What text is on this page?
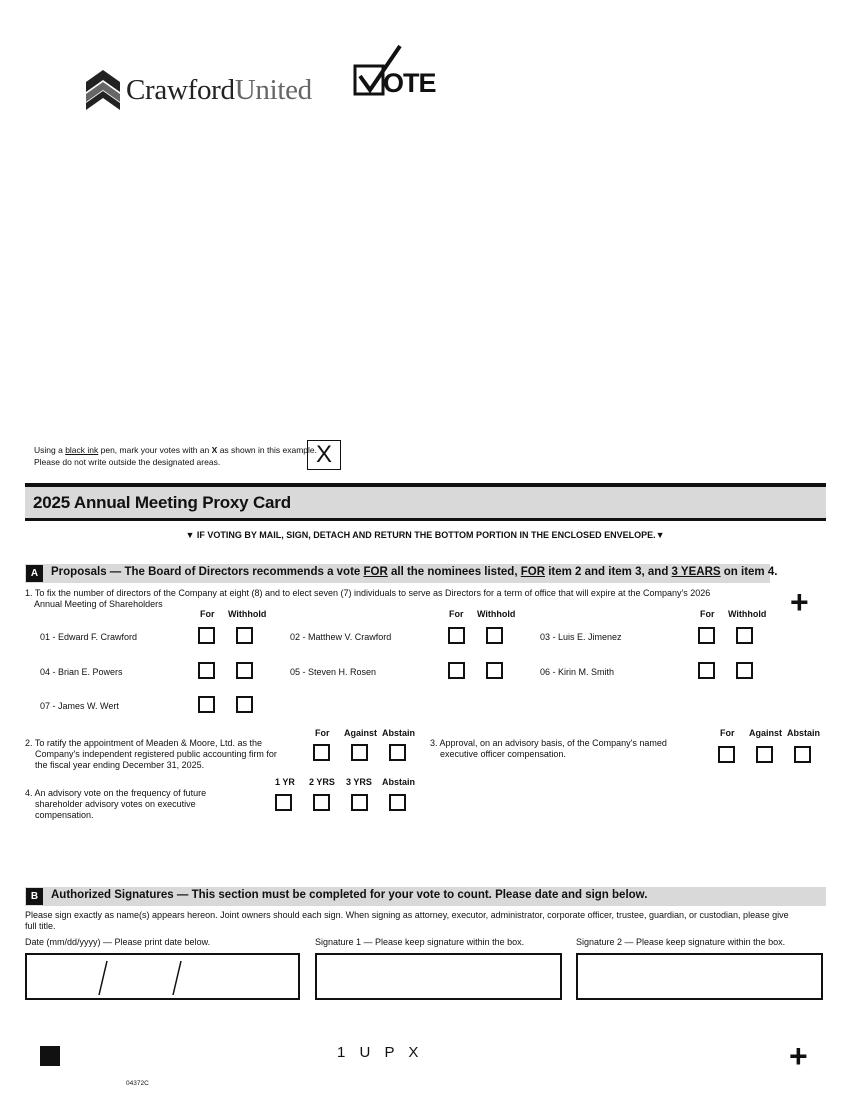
CrawfordUnited	OTE
Using a black ink pen, mark your votes with an X as shown in this example.
Please do not write outside the designated areas.	X
2025 Annual Meeting Proxy Card
▼ IF VOTING BY MAIL, SIGN, DETACH AND RETURN THE BOTTOM PORTION IN THE ENCLOSED ENVELOPE.▼
A	Proposals — The Board of Directors recommends a vote FOR all the nominees listed, FOR item 2 and item 3, and 3 YEARS on item 4.
1. To fix the number of directors of the Company at eight (8) and to elect seven (7) individuals to serve as Directors for a term of office that will expire at the Company's 2026
Annual Meeting of Shareholders	+
For Withhold	For Withhold	For Withhold
01 - Edward F. Crawford	02 - Matthew V. Crawford	03 - Luis E. Jimenez
04 - Brian E. Powers	05 - Steven H. Rosen	06 - Kirin M. Smith
07 - James W. Wert
For Against Abstain
2. To ratify the appointment of Meaden & Moore, Ltd. as the
Company's independent registered public accounting firm for
the fiscal year ending December 31, 2025.
For Against Abstain
3. Approval, on an advisory basis, of the Company's named
executive officer compensation.
1 YR 2 YRS 3 YRS Abstain
4. An advisory vote on the frequency of future
shareholder advisory votes on executive
compensation.
B	Authorized Signatures — This section must be completed for your vote to count. Please date and sign below.
Please sign exactly as name(s) appears hereon. Joint owners should each sign. When signing as attorney, executor, administrator, corporate officer, trustee, guardian, or custodian, please give
full title.
Date (mm/dd/yyyy) — Please print date below.	Signature 1 — Please keep signature within the box.	Signature 2 — Please keep signature within the box.
1 U P X	+
04372C
